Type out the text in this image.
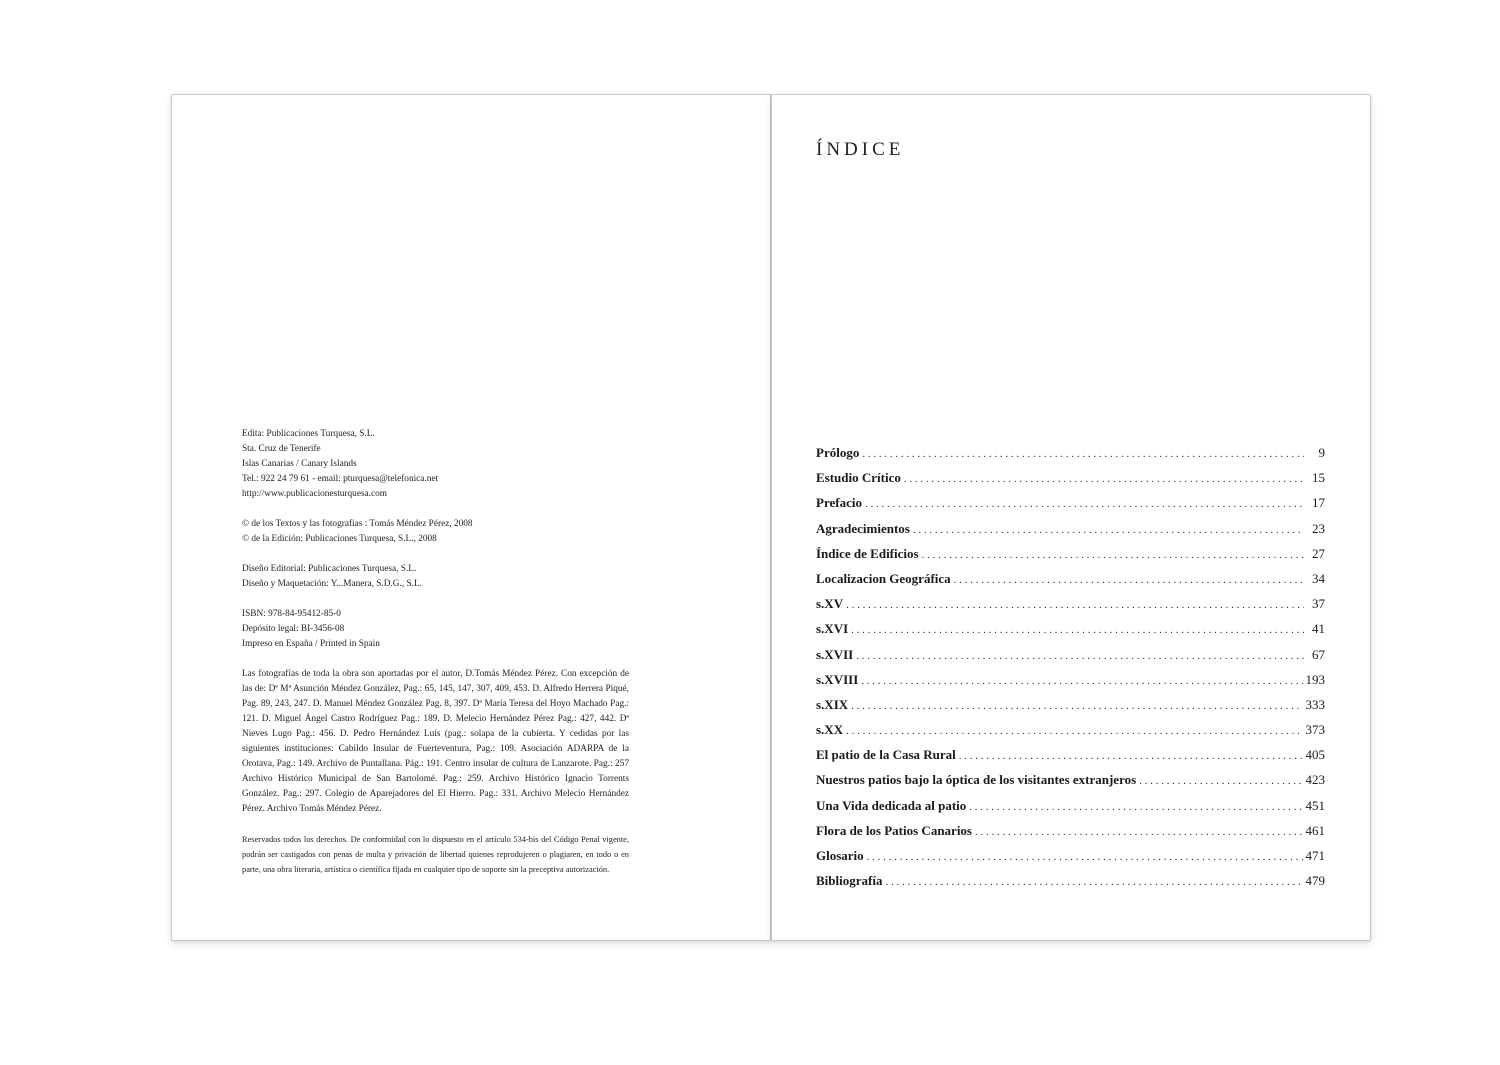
Edita: Publicaciones Turquesa, S.L.
Sta. Cruz de Tenerife
Islas Canarias / Canary Islands
Tel.: 922 24 79 61 - email: pturquesa@telefonica.net
http://www.publicacionesturquesa.com
© de los Textos y las fotografías : Tomás Méndez Pérez, 2008
© de la Edición: Publicaciones Turquesa, S.L., 2008
Diseño Editorial: Publicaciones Turquesa, S.L.
Diseño y Maquetación: Y...Manera, S.D.G., S.L.
ISBN: 978-84-95412-85-0
Depósito legal: BI-3456-08
Impreso en España / Printed in Spain
Las fotografías de toda la obra son aportadas por el autor, D.Tomás Méndez Pérez. Con excepción de las de: Dª Mª Asunción Méndez González, Pag.: 65, 145, 147, 307, 409, 453. D. Alfredo Herrera Piqué, Pag. 89, 243, 247. D. Manuel Méndez González Pag. 8, 397. Dª María Teresa del Hoyo Machado Pag.: 121. D. Miguel Ángel Castro Rodríguez Pag.: 189. D. Melecio Hernández Pérez Pag.: 427, 442. Dª Nieves Lugo Pag.: 456. D. Pedro Hernández Luis (pag.: solapa de la cubierta. Y cedidas por las siguientes instituciones: Cabildo Insular de Fuerteventura, Pag.: 109. Asociación ADARPA de la Orotava, Pag.: 149. Archivo de Puntallana. Pág.: 191. Centro insular de cultura de Lanzarote. Pag.: 257 Archivo Histórico Municipal de San Bartolomé. Pag.: 259. Archivo Histórico Ignacio Torrents González. Pag.: 297. Colegio de Aparejadores del El Hierro. Pag.: 331. Archivo Melecio Hernández Pérez. Archivo Tomás Méndez Pérez.
Reservados todos los derechos. De conformidad con lo dispuesto en el artículo 534-bis del Código Penal vigente, podrán ser castigados con penas de multa y privación de libertad quienes reprodujeren o plagiaren, en todo o en parte, una obra literaria, artística o científica fijada en cualquier tipo de soporte sin la preceptiva autorización.
ÍNDICE
Prólogo . . .	9
Estudio Crítico . . .	15
Prefacio . . .	17
Agradecimientos . . .	23
Índice de Edificios . . .	27
Localizacion Geográfica . . .	34
s.XV . . .	37
s.XVI . . .	41
s.XVII . . .	67
s.XVIII . . .	193
s.XIX . . .	333
s.XX . . .	373
El patio de la Casa Rural . . .	405
Nuestros patios bajo la óptica de los visitantes extranjeros . . .	423
Una Vida dedicada al patio . . .	451
Flora de los Patios Canarios . . .	461
Glosario . . .	471
Bibliografía . . .	479
